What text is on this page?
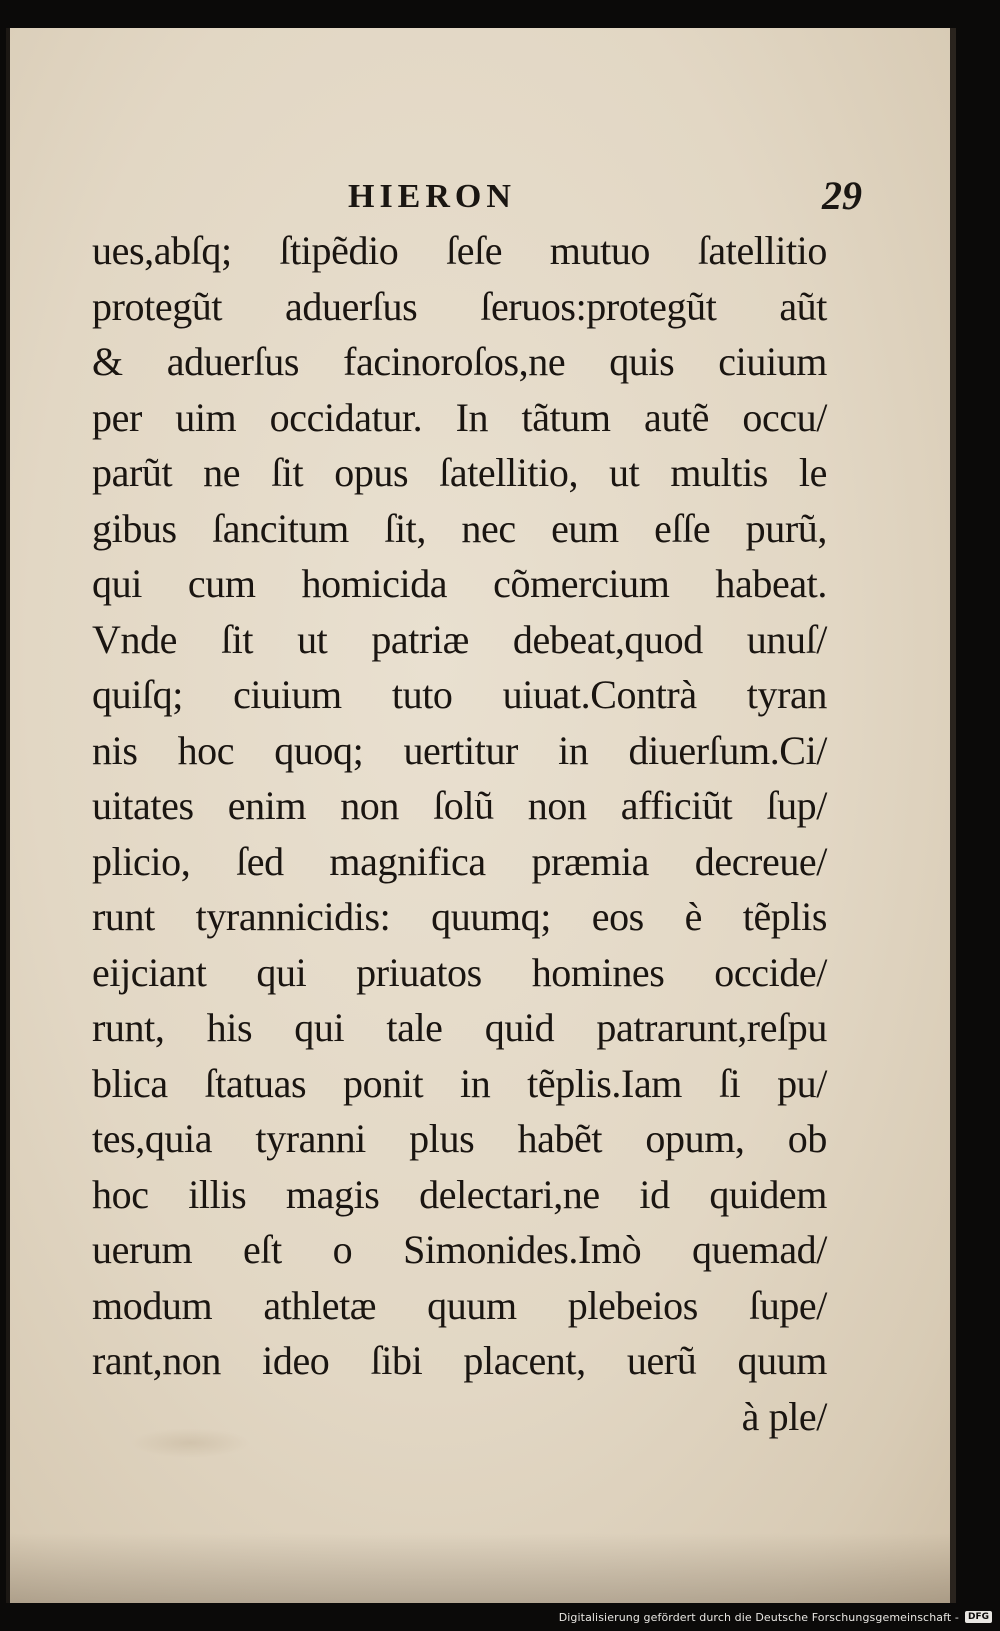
HIERON	29
ues,abſq; ſtipẽdio ſeſe mutuo ſatellitio
protegũt aduerſus ſeruos:protegũt aũt
& aduerſus facinoroſos,ne quis ciuium
per uim occidatur. In tãtum autẽ occu/
parũt ne ſit opus ſatellitio, ut multis le
gibus ſancitum ſit, nec eum eſſe purũ,
qui cum homicida cõmercium habeat.
Vnde ſit ut patriæ debeat,quod unuſ/
quiſq; ciuium tuto uiuat.Contrà tyran
nis hoc quoq; uertitur in diuerſum.Ci/
uitates enim non ſolũ non afficiũt ſup/
plicio, ſed magnifica præmia decreue/
runt tyrannicidis: quumq; eos è tẽplis
eijciant qui priuatos homines occide/
runt, his qui tale quid patrarunt,reſpu
blica ſtatuas ponit in tẽplis.Iam ſi pu/
tes,quia tyranni plus habẽt opum, ob
hoc illis magis delectari,ne id quidem
uerum eſt o Simonides.Imò quemad/
modum athletæ quum plebeios ſupe/
rant,non ideo ſibi placent, uerũ quum
à ple/
Digitalisierung gefördert durch die Deutsche Forschungsgemeinschaft -	DFG
